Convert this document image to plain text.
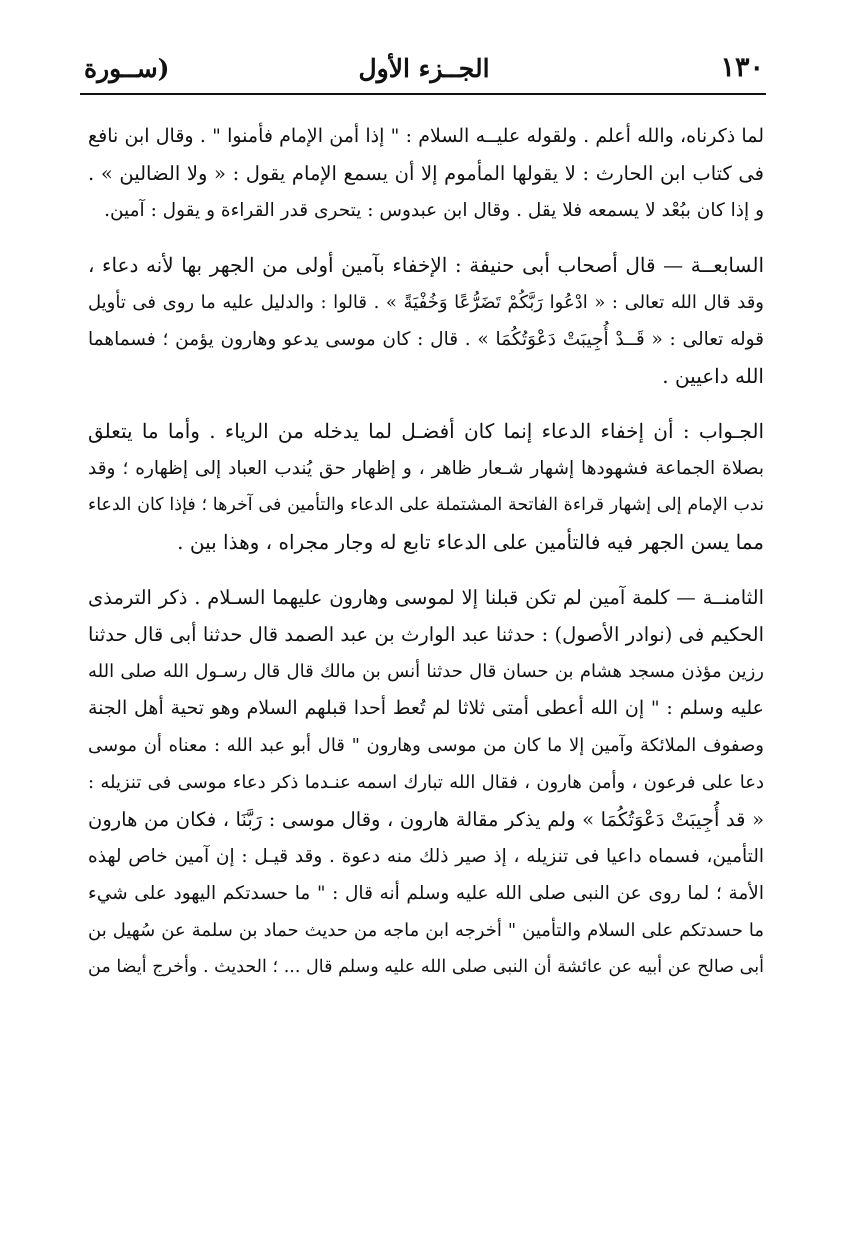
١٣٠
الجــزء الأول
(ســورة
لما ذكرناه، والله أعلم . ولقوله عليــه السلام : " إذا أمن الإمام فأمنوا " . وقال ابن نافع
فى كتاب ابن الحارث : لا يقولها المأموم إلا أن يسمع الإمام يقول : « ولا الضالين » .
و إذا كان ببُعْد لا يسمعه فلا يقل . وقال ابن عبدوس : يتحرى قدر القراءة و يقول : آمين.
السابعــة — قال أصحاب أبى حنيفة : الإخفاء بآمين أولى من الجهر بها لأنه دعاء ،
وقد قال الله تعالى : « ادْعُوا رَبَّكُمْ تَضَرُّعًا وَخُفْيَةً » . قالوا : والدليل عليه ما روى فى تأويل
قوله تعالى : « قَــدْ أُجِيبَتْ دَعْوَتُكُمَا » . قال : كان موسى يدعو وهارون يؤمن ؛ فسماهما
الله داعيين .
الجـواب : أن إخفاء الدعاء إنما كان أفضـل لما يدخله من الرياء . وأما ما يتعلق
بصلاة الجماعة فشهودها إشهار شـعار ظاهر ، و إظهار حق يُندب العباد إلى إظهاره ؛ وقد
ندب الإمام إلى إشهار قراءة الفاتحة المشتملة على الدعاء والتأمين فى آخرها ؛ فإذا كان الدعاء
مما يسن الجهر فيه فالتأمين على الدعاء تابع له وجار مجراه ، وهذا بين .
الثامنــة — كلمة آمين لم تكن قبلنا إلا لموسى وهارون عليهما السـلام . ذكر الترمذى
الحكيم فى (نوادر الأصول) : حدثنا عبد الوارث بن عبد الصمد قال حدثنا أبى قال حدثنا
رزين مؤذن مسجد هشام بن حسان قال حدثنا أنس بن مالك قال قال رسـول الله صلى الله
عليه وسلم : " إن الله أعطى أمتى ثلاثا لم تُعط أحدا قبلهم السلام وهو تحية أهل الجنة
وصفوف الملائكة وآمين إلا ما كان من موسى وهارون " قال أبو عبد الله : معناه أن موسى
دعا على فرعون ، وأمن هارون ، فقال الله تبارك اسمه عنـدما ذكر دعاء موسى فى تنزيله :
« قد أُجِيبَتْ دَعْوَتُكُمَا » ولم يذكر مقالة هارون ، وقال موسى : رَبَّنَا ، فكان من هارون
التأمين، فسماه داعيا فى تنزيله ، إذ صير ذلك منه دعوة . وقد قيـل : إن آمين خاص لهذه
الأمة ؛ لما روى عن النبى صلى الله عليه وسلم أنه قال : " ما حسدتكم اليهود على شيء
ما حسدتكم على السلام والتأمين " أخرجه ابن ماجه من حديث حماد بن سلمة عن سُهيل بن
أبى صالح عن أبيه عن عائشة أن النبى صلى الله عليه وسلم قال ... ؛ الحديث . وأخرج أيضا من
